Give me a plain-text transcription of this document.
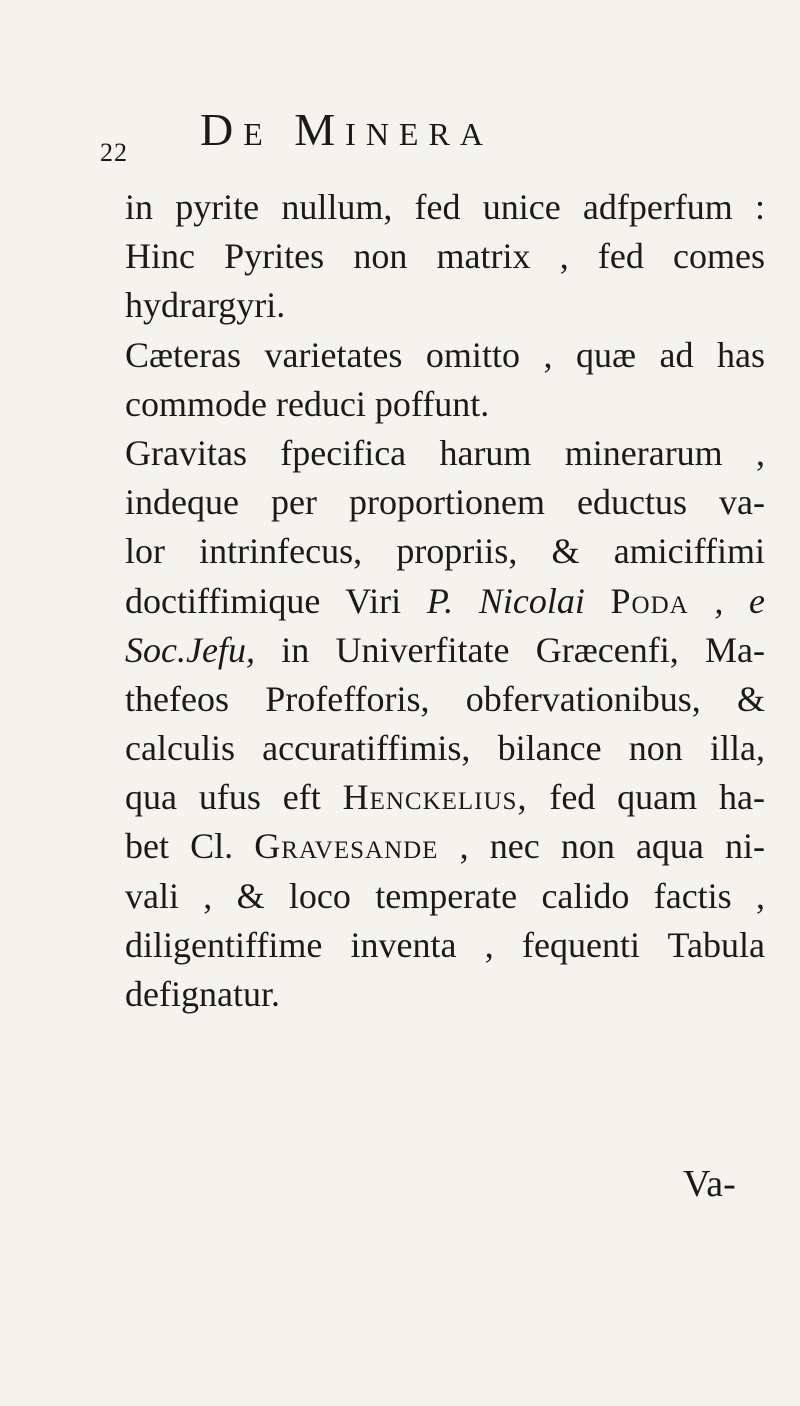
22 De Minera
in pyrite nullum, fed unice adfperfum :
Hinc Pyrites non matrix , fed comes
hydrargyri.
Cæteras varietates omitto , quæ ad has
commode reduci poffunt.
Gravitas fpecifica harum minerarum ,
indeque per proportionem eductus va-
lor intrinfecus, propriis, & amiciffimi
doctiffimique Viri P. Nicolai Poda , e
Soc.Jefu, in Univerfitate Græcenfi, Ma-
thefeos Profefforis, obfervationibus, &
calculis accuratiffimis, bilance non illa,
qua ufus eft Henckelius, fed quam ha-
bet Cl. Gravesande , nec non aqua ni-
vali , & loco temperate calido factis ,
diligentiffime inventa , fequenti Tabula
defignatur.
Va-
